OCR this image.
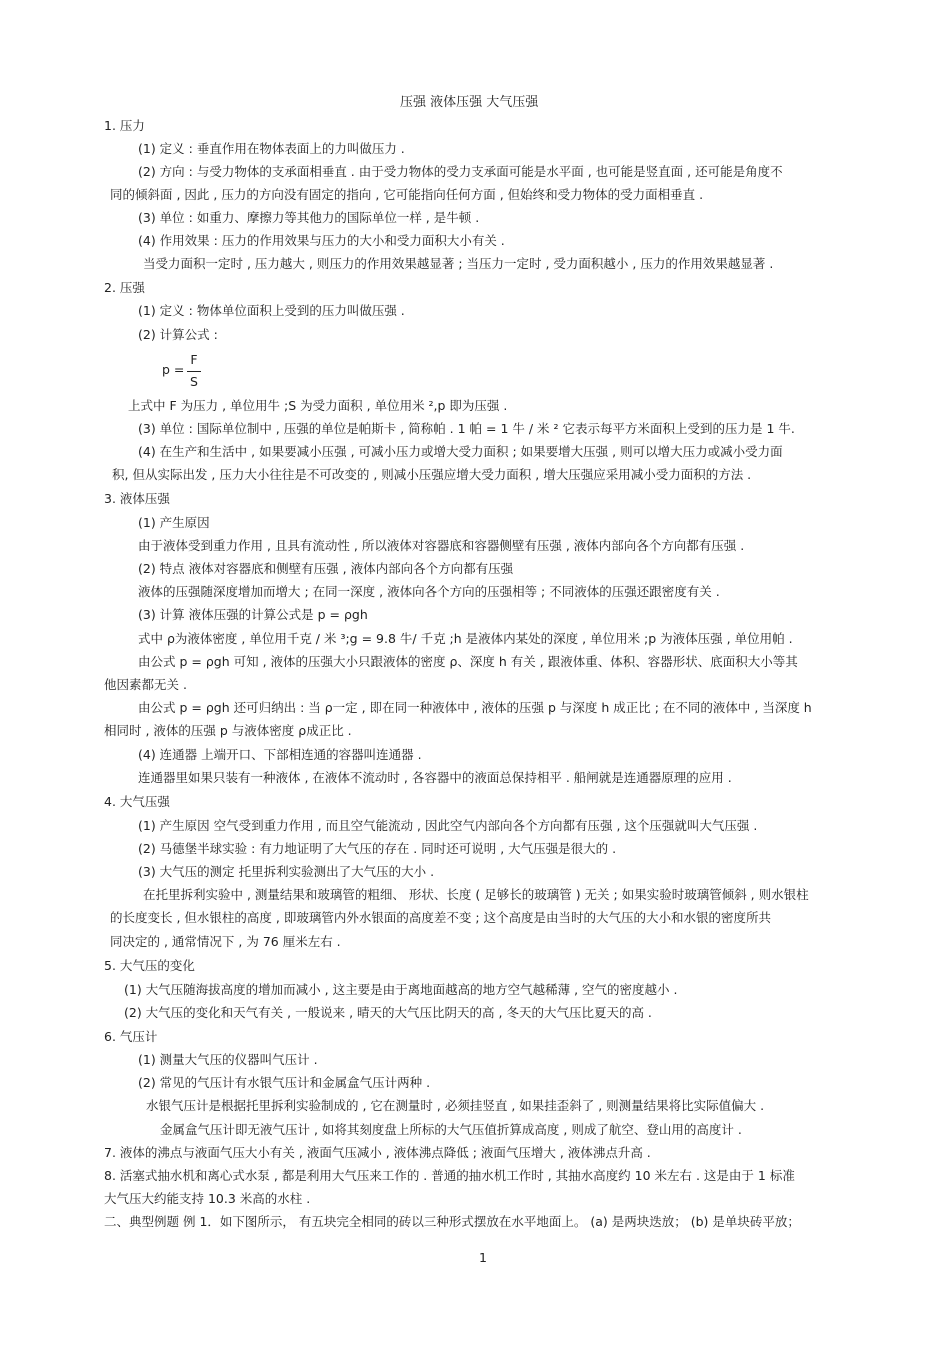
压强 液体压强 大气压强
1. 压力
(1) 定义 : 垂直作用在物体表面上的力叫做压力 .
(2) 方向 : 与受力物体的支承面相垂直 . 由于受力物体的受力支承面可能是水平面 , 也可能是竖直面 , 还可能是角度不
同的倾斜面 , 因此 , 压力的方向没有固定的指向 , 它可能指向任何方面 , 但始终和受力物体的受力面相垂直 .
(3) 单位 : 如重力、摩擦力等其他力的国际单位一样 , 是牛顿 .
(4) 作用效果 : 压力的作用效果与压力的大小和受力面积大小有关 .
当受力面积一定时 , 压力越大 , 则压力的作用效果越显著 ; 当压力一定时 , 受力面积越小 , 压力的作用效果越显著 .
2. 压强
(1) 定义 : 物体单位面积上受到的压力叫做压强 .
(2) 计算公式 :
p =
F
S
上式中 F 为压力 , 单位用牛 ;S 为受力面积 , 单位用米 ²,p 即为压强 .
(3) 单位 : 国际单位制中 , 压强的单位是帕斯卡 , 简称帕 . 1 帕 = 1 牛 / 米 ² 它表示每平方米面积上受到的压力是 1 牛.
(4) 在生产和生活中 , 如果要减小压强 , 可减小压力或增大受力面积 ; 如果要增大压强 , 则可以增大压力或减小受力面
积, 但从实际出发 , 压力大小往往是不可改变的 , 则减小压强应增大受力面积 , 增大压强应采用减小受力面积的方法 .
3. 液体压强
(1) 产生原因
由于液体受到重力作用 , 且具有流动性 , 所以液体对容器底和容器侧壁有压强 , 液体内部向各个方向都有压强 .
(2) 特点 液体对容器底和侧壁有压强 , 液体内部向各个方向都有压强
液体的压强随深度增加而增大 ; 在同一深度 , 液体向各个方向的压强相等 ; 不同液体的压强还跟密度有关 .
(3) 计算 液体压强的计算公式是 p = ρgh
式中 ρ为液体密度 , 单位用千克 / 米 ³;g = 9.8 牛/ 千克 ;h 是液体内某处的深度 , 单位用米 ;p 为液体压强 , 单位用帕 .
由公式 p = ρgh 可知 , 液体的压强大小只跟液体的密度 ρ、深度 h 有关 , 跟液体重、体积、容器形状、底面积大小等其
他因素都无关 .
由公式 p = ρgh 还可归纳出 : 当 ρ一定 , 即在同一种液体中 , 液体的压强 p 与深度 h 成正比 ; 在不同的液体中 , 当深度 h
相同时 , 液体的压强 p 与液体密度 ρ成正比 .
(4) 连通器 上端开口、下部相连通的容器叫连通器 .
连通器里如果只装有一种液体 , 在液体不流动时 , 各容器中的液面总保持相平 . 船闸就是连通器原理的应用 .
4. 大气压强
(1) 产生原因 空气受到重力作用 , 而且空气能流动 , 因此空气内部向各个方向都有压强 , 这个压强就叫大气压强 .
(2) 马德堡半球实验 : 有力地证明了大气压的存在 . 同时还可说明 , 大气压强是很大的 .
(3) 大气压的测定 托里拆利实验测出了大气压的大小 .
在托里拆利实验中 , 测量结果和玻璃管的粗细、 形状、长度 ( 足够长的玻璃管 ) 无关 ; 如果实验时玻璃管倾斜 , 则水银柱
的长度变长 , 但水银柱的高度 , 即玻璃管内外水银面的高度差不变 ; 这个高度是由当时的大气压的大小和水银的密度所共
同决定的 , 通常情况下 , 为 76 厘米左右 .
5. 大气压的变化
(1) 大气压随海拔高度的增加而减小 , 这主要是由于离地面越高的地方空气越稀薄 , 空气的密度越小 .
(2) 大气压的变化和天气有关 , 一般说来 , 晴天的大气压比阴天的高 , 冬天的大气压比夏天的高 .
6. 气压计
(1) 测量大气压的仪器叫气压计 .
(2) 常见的气压计有水银气压计和金属盒气压计两种 .
水银气压计是根据托里拆利实验制成的 , 它在测量时 , 必须挂竖直 , 如果挂歪斜了 , 则测量结果将比实际值偏大 .
金属盒气压计即无液气压计 , 如将其刻度盘上所标的大气压值折算成高度 , 则成了航空、登山用的高度计 .
7. 液体的沸点与液面气压大小有关 , 液面气压减小 , 液体沸点降低 ; 液面气压增大 , 液体沸点升高 .
8. 活塞式抽水机和离心式水泵 , 都是利用大气压来工作的 . 普通的抽水机工作时 , 其抽水高度约 10 米左右 . 这是由于 1 标准
大气压大约能支持 10.3 米高的水柱 .
二、典型例题 例 1．如下图所示， 有五块完全相同的砖以三种形式摆放在水平地面上。 (a) 是两块迭放； (b) 是单块砖平放；
1
